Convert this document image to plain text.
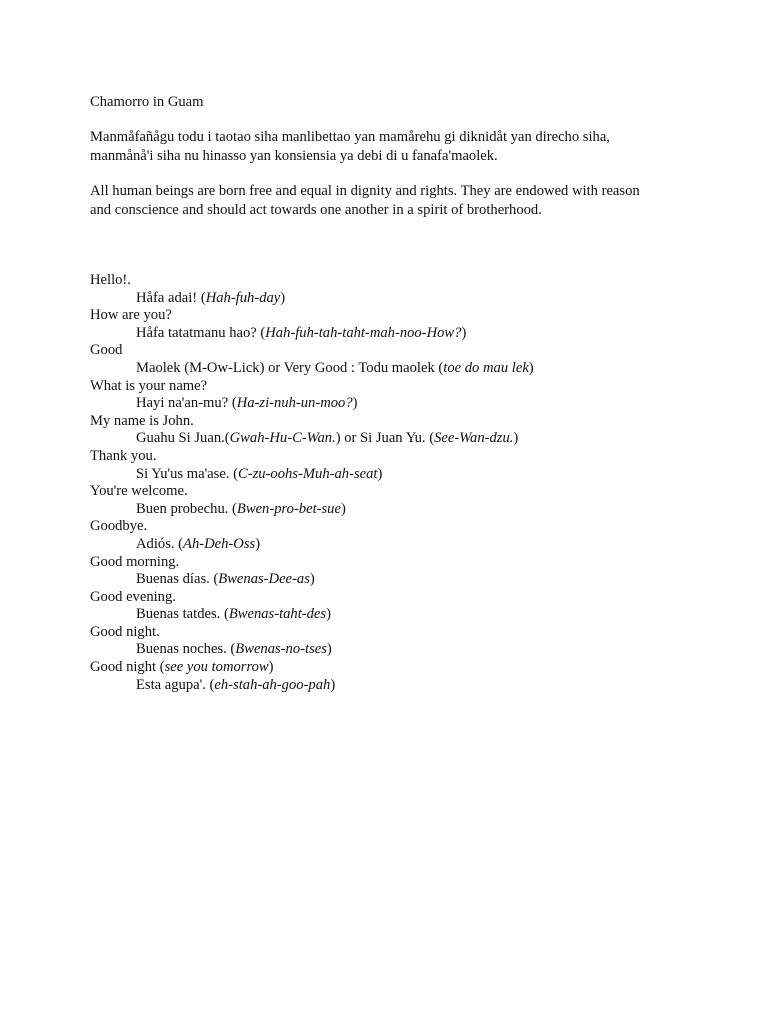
Chamorro in Guam
Manmåfañågu todu i taotao siha manlibettao yan mamårehu gi diknidåt yan direcho siha,
manmånå'i siha nu hinasso yan konsiensia ya debi di u fanafa'maolek.
All human beings are born free and equal in dignity and rights. They are endowed with reason
and conscience and should act towards one another in a spirit of brotherhood.
Hello!.
Håfa adai! (Hah-fuh-day)
How are you?
Håfa tatatmanu hao? (Hah-fuh-tah-taht-mah-noo-How?)
Good
Maolek (M-Ow-Lick) or Very Good : Todu maolek (toe do mau lek)
What is your name?
Hayi na'an-mu? (Ha-zi-nuh-un-moo?)
My name is John.
Guahu Si Juan.(Gwah-Hu-C-Wan.) or Si Juan Yu. (See-Wan-dzu.)
Thank you.
Si Yu'us ma'ase. (C-zu-oohs-Muh-ah-seat)
You're welcome.
Buen probechu. (Bwen-pro-bet-sue)
Goodbye.
Adiós. (Ah-Deh-Oss)
Good morning.
Buenas días. (Bwenas-Dee-as)
Good evening.
Buenas tatdes. (Bwenas-taht-des)
Good night.
Buenas noches. (Bwenas-no-tses)
Good night (see you tomorrow)
Esta agupa'. (eh-stah-ah-goo-pah)
